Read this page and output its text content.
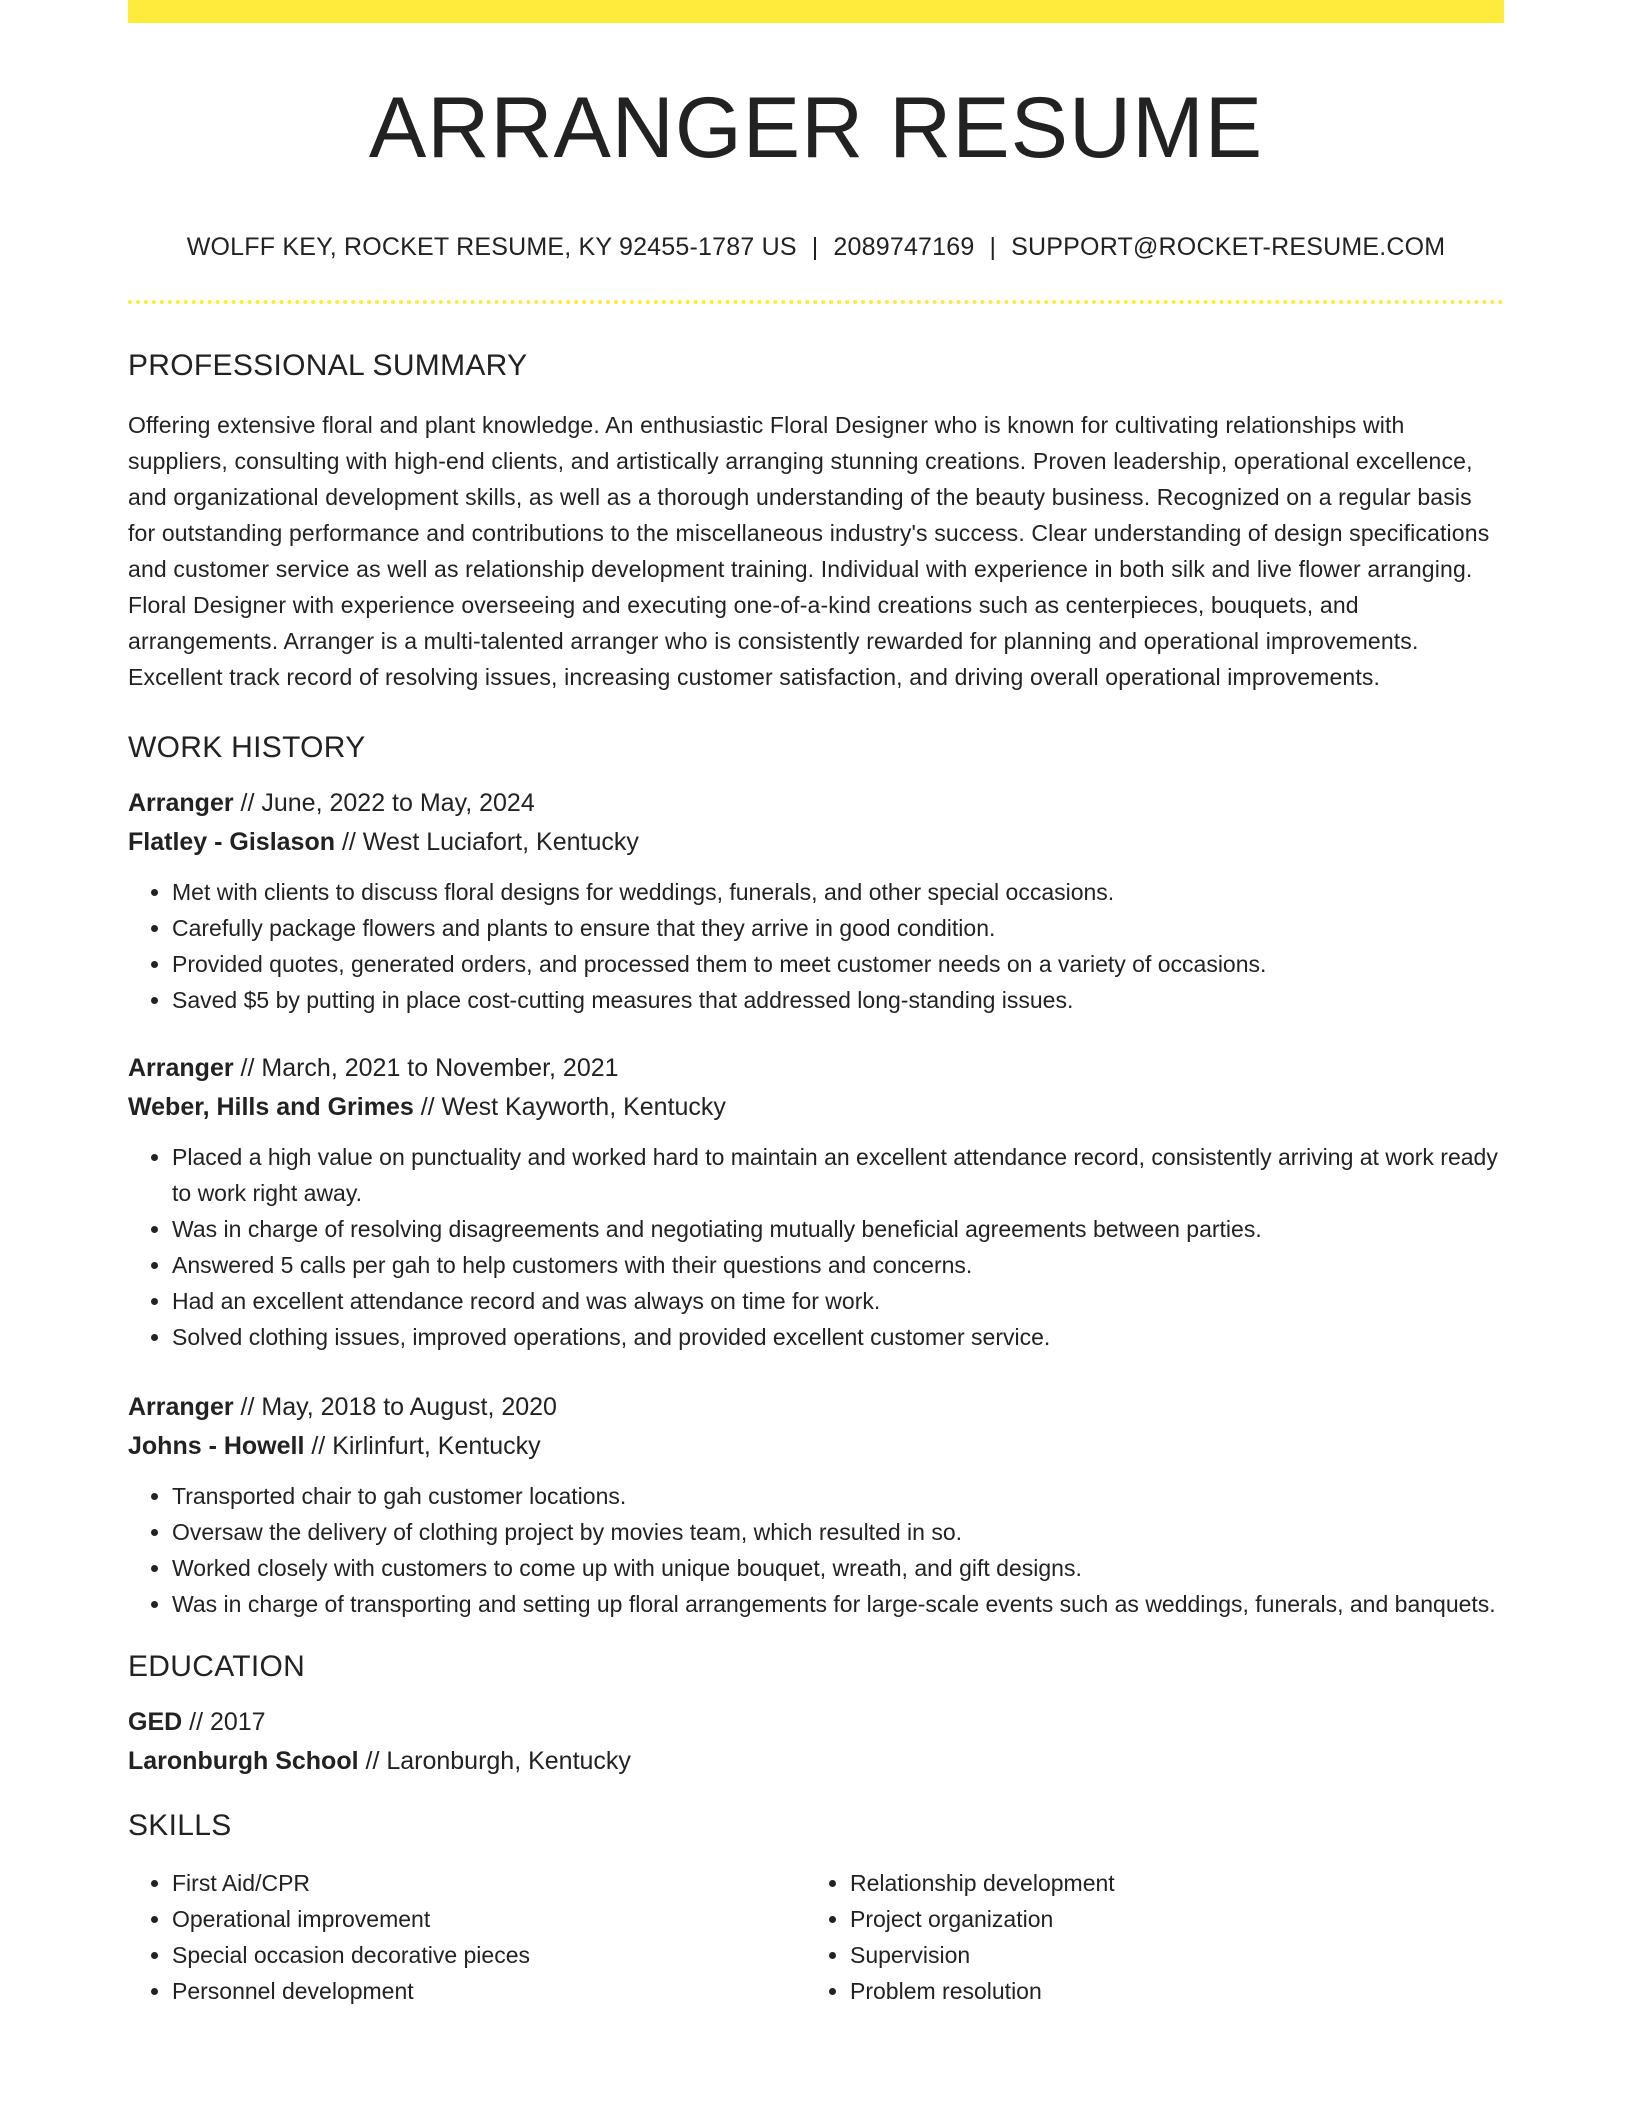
ARRANGER RESUME
WOLFF KEY, ROCKET RESUME, KY 92455-1787 US | 2089747169 | SUPPORT@ROCKET-RESUME.COM
PROFESSIONAL SUMMARY

Offering extensive floral and plant knowledge. An enthusiastic Floral Designer who is known for cultivating relationships with suppliers, consulting with high-end clients, and artistically arranging stunning creations. Proven leadership, operational excellence, and organizational development skills, as well as a thorough understanding of the beauty business. Recognized on a regular basis for outstanding performance and contributions to the miscellaneous industry's success. Clear understanding of design specifications and customer service as well as relationship development training. Individual with experience in both silk and live flower arranging. Floral Designer with experience overseeing and executing one-of-a-kind creations such as centerpieces, bouquets, and arrangements. Arranger is a multi-talented arranger who is consistently rewarded for planning and operational improvements. Excellent track record of resolving issues, increasing customer satisfaction, and driving overall operational improvements.

WORK HISTORY
Arranger // June, 2022 to May, 2024
Flatley - Gislason // West Luciafort, Kentucky
• Met with clients to discuss floral designs for weddings, funerals, and other special occasions.
• Carefully package flowers and plants to ensure that they arrive in good condition.
• Provided quotes, generated orders, and processed them to meet customer needs on a variety of occasions.
• Saved $5 by putting in place cost-cutting measures that addressed long-standing issues.
Arranger // March, 2021 to November, 2021
Weber, Hills and Grimes // West Kayworth, Kentucky
• Placed a high value on punctuality and worked hard to maintain an excellent attendance record, consistently arriving at work ready to work right away.
• Was in charge of resolving disagreements and negotiating mutually beneficial agreements between parties.
• Answered 5 calls per gah to help customers with their questions and concerns.
• Had an excellent attendance record and was always on time for work.
• Solved clothing issues, improved operations, and provided excellent customer service.
Arranger // May, 2018 to August, 2020
Johns - Howell // Kirlinfurt, Kentucky
• Transported chair to gah customer locations.
• Oversaw the delivery of clothing project by movies team, which resulted in so.
• Worked closely with customers to come up with unique bouquet, wreath, and gift designs.
• Was in charge of transporting and setting up floral arrangements for large-scale events such as weddings, funerals, and banquets.
EDUCATION
GED // 2017
Laronburgh School // Laronburgh, Kentucky
SKILLS
• First Aid/CPR
• Operational improvement
• Special occasion decorative pieces
• Personnel development
• Relationship development
• Project organization
• Supervision
• Problem resolution
